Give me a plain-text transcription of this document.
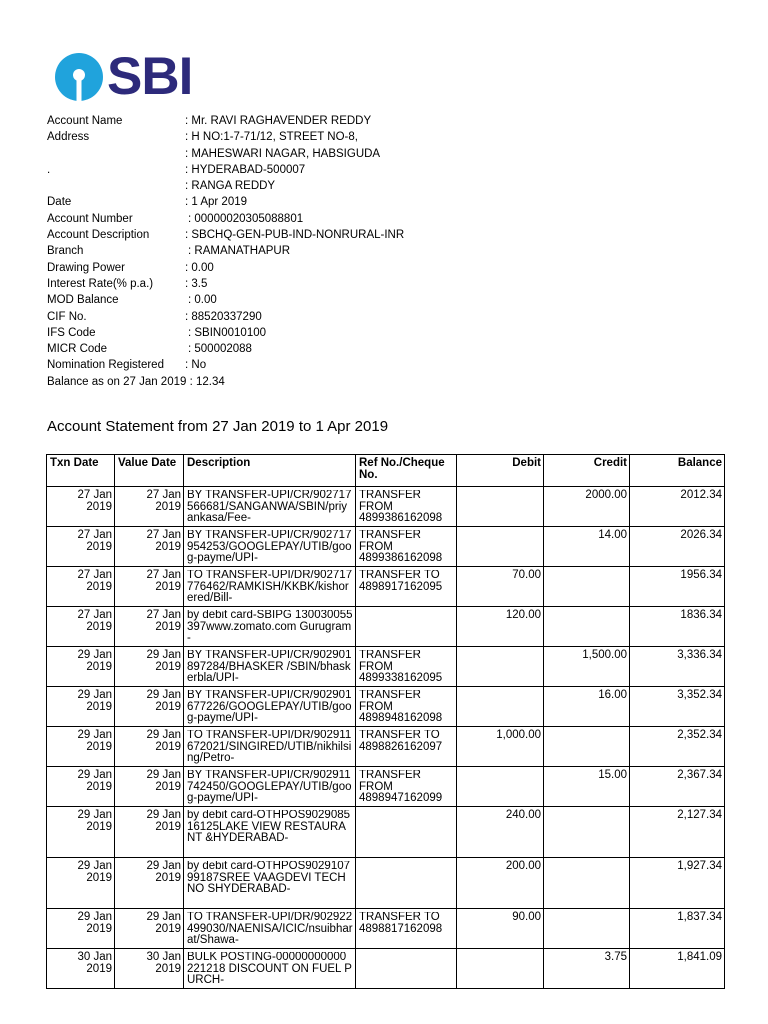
SBI
Account Name	: Mr. RAVI RAGHAVENDER REDDY
Address	: H NO:1-7-71/12, STREET NO-8,
: MAHESWARI NAGAR, HABSIGUDA
.	: HYDERABAD-500007
: RANGA REDDY
Date	: 1 Apr 2019
Account Number	: 00000020305088801
Account Description	: SBCHQ-GEN-PUB-IND-NONRURAL-INR
Branch	: RAMANATHAPUR
Drawing Power	: 0.00
Interest Rate(% p.a.)	: 3.5
MOD Balance	: 0.00
CIF No.	: 88520337290
IFS Code	: SBIN0010100
MICR Code	: 500002088
Nomination Registered : No
Balance as on 27 Jan 2019 : 12.34
Account Statement from 27 Jan 2019 to 1 Apr 2019
Txn Date	Value Date	Description	Ref No./Cheque No.	Debit	Credit	Balance
27 Jan 2019	27 Jan 2019	BY TRANSFER-UPI/CR/902717566681/SANGANWA/SBIN/priyankasa/Fee-	TRANSFER FROM 4899386162098		2000.00	2012.34
27 Jan 2019	27 Jan 2019	BY TRANSFER-UPI/CR/902717954253/GOOGLEPAY/UTIB/goog-payme/UPI-	TRANSFER FROM 4899386162098		14.00	2026.34
27 Jan 2019	27 Jan 2019	TO TRANSFER-UPI/DR/902717776462/RAMKISH/KKBK/kishorered/Bill-	TRANSFER TO 4898917162095	70.00		1956.34
27 Jan 2019	27 Jan 2019	by debit card-SBIPG 130030055397www.zomato.com Gurugram-		120.00		1836.34
29 Jan 2019	29 Jan 2019	BY TRANSFER-UPI/CR/902901897284/BHASKER /SBIN/bhaskerbla/UPI-	TRANSFER FROM 4899338162095		1,500.00	3,336.34
29 Jan 2019	29 Jan 2019	BY TRANSFER-UPI/CR/902901677226/GOOGLEPAY/UTIB/goog-payme/UPI-	TRANSFER FROM 4898948162098		16.00	3,352.34
29 Jan 2019	29 Jan 2019	TO TRANSFER-UPI/DR/902911672021/SINGIRED/UTIB/nikhilsing/Petro-	TRANSFER TO 4898826162097	1,000.00		2,352.34
29 Jan 2019	29 Jan 2019	BY TRANSFER-UPI/CR/902911742450/GOOGLEPAY/UTIB/goog-payme/UPI-	TRANSFER FROM 4898947162099		15.00	2,367.34
29 Jan 2019	29 Jan 2019	by debit card-OTHPOS902908516125LAKE VIEW RESTAURANT &HYDERABAD-		240.00		2,127.34
29 Jan 2019	29 Jan 2019	by debit card-OTHPOS902910799187SREE VAAGDEVI TECHNO SHYDERABAD-		200.00		1,927.34
29 Jan 2019	29 Jan 2019	TO TRANSFER-UPI/DR/902922499030/NAENISA/ICIC/nsuibharat/Shawa-	TRANSFER TO 4898817162098	90.00		1,837.34
30 Jan 2019	30 Jan 2019	BULK POSTING-00000000000 221218 DISCOUNT ON FUEL PURCH-			3.75	1,841.09
